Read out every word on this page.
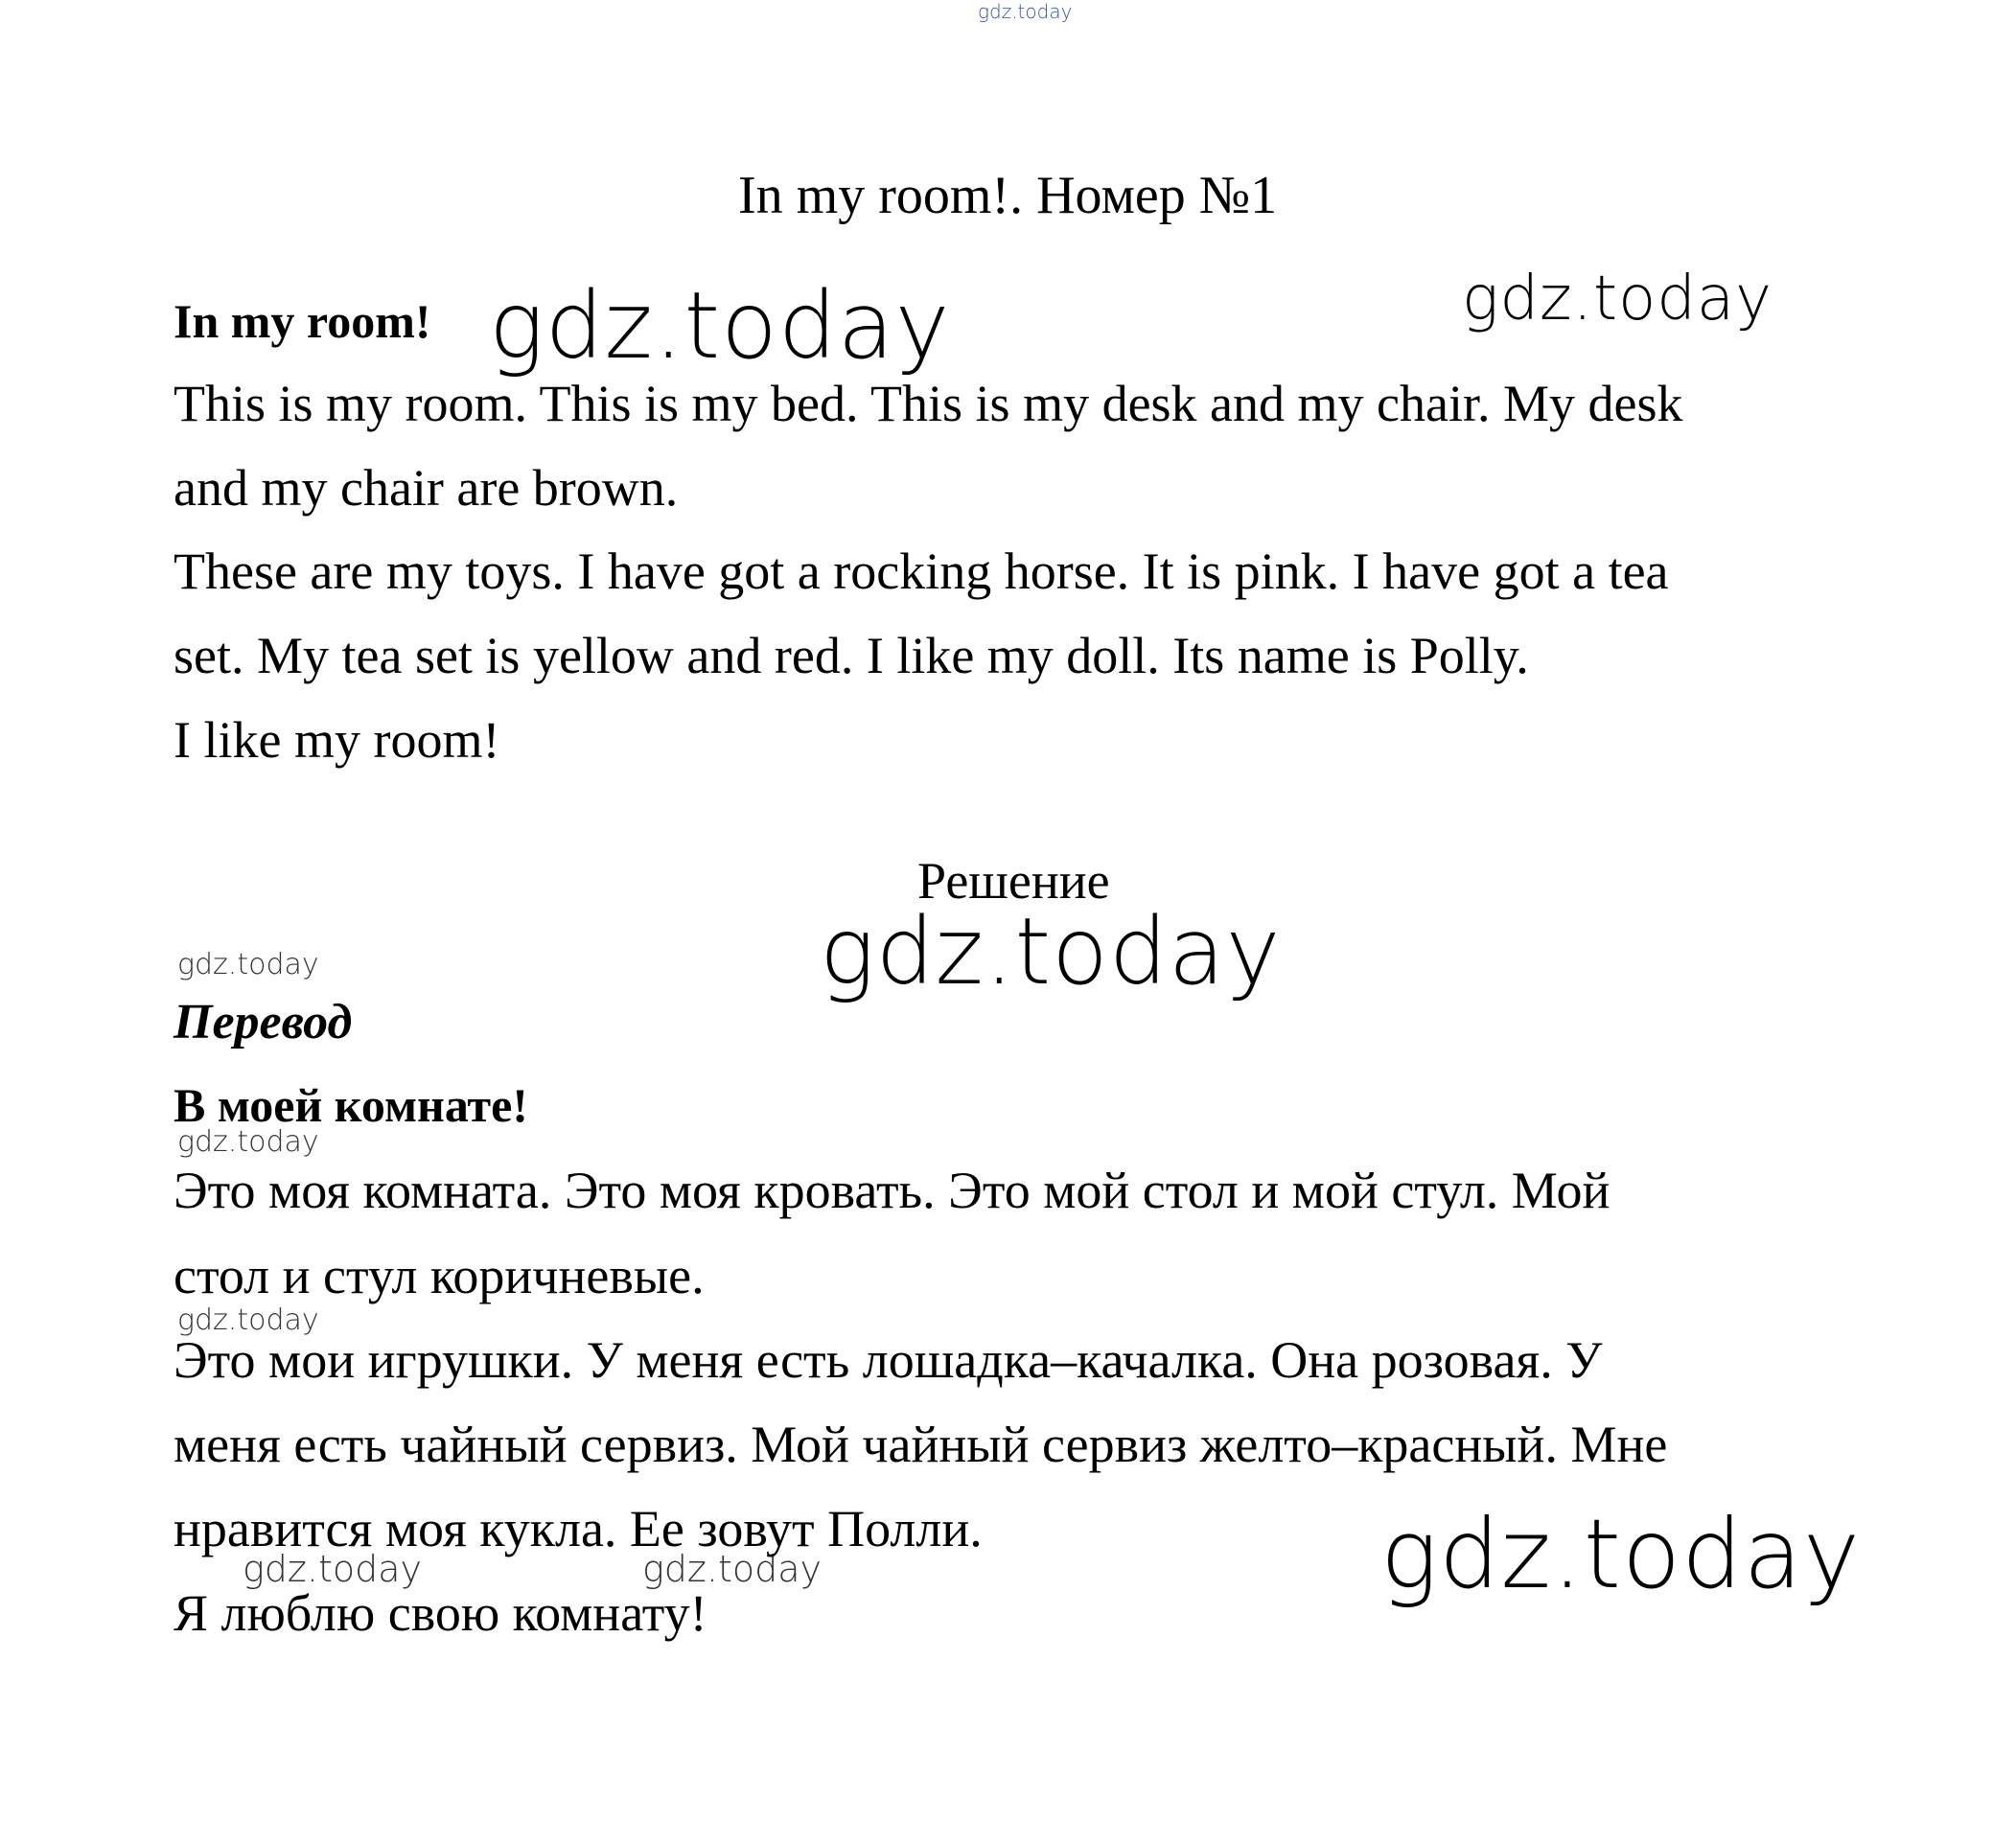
gdz.today
gdz.today	gdz.today
gdz.today
gdz.today
gdz.today
gdz.today
gdz.today	gdz.today	gdz.today
In my room!. Номер №1
In my room!
This is my room. This is my bed. This is my desk and my chair. My desk
and my chair are brown.
These are my toys. I have got a rocking horse. It is pink. I have got a tea
set. My tea set is yellow and red. I like my doll. Its name is Polly.
I like my room!
Решение
Перевод
В моей комнате!
Это моя комната. Это моя кровать. Это мой стол и мой стул. Мой
стол и стул коричневые.
Это мои игрушки. У меня есть лошадка–качалка. Она розовая. У
меня есть чайный сервиз. Мой чайный сервиз желто–красный. Мне
нравится моя кукла. Ее зовут Полли.
Я люблю свою комнату!
